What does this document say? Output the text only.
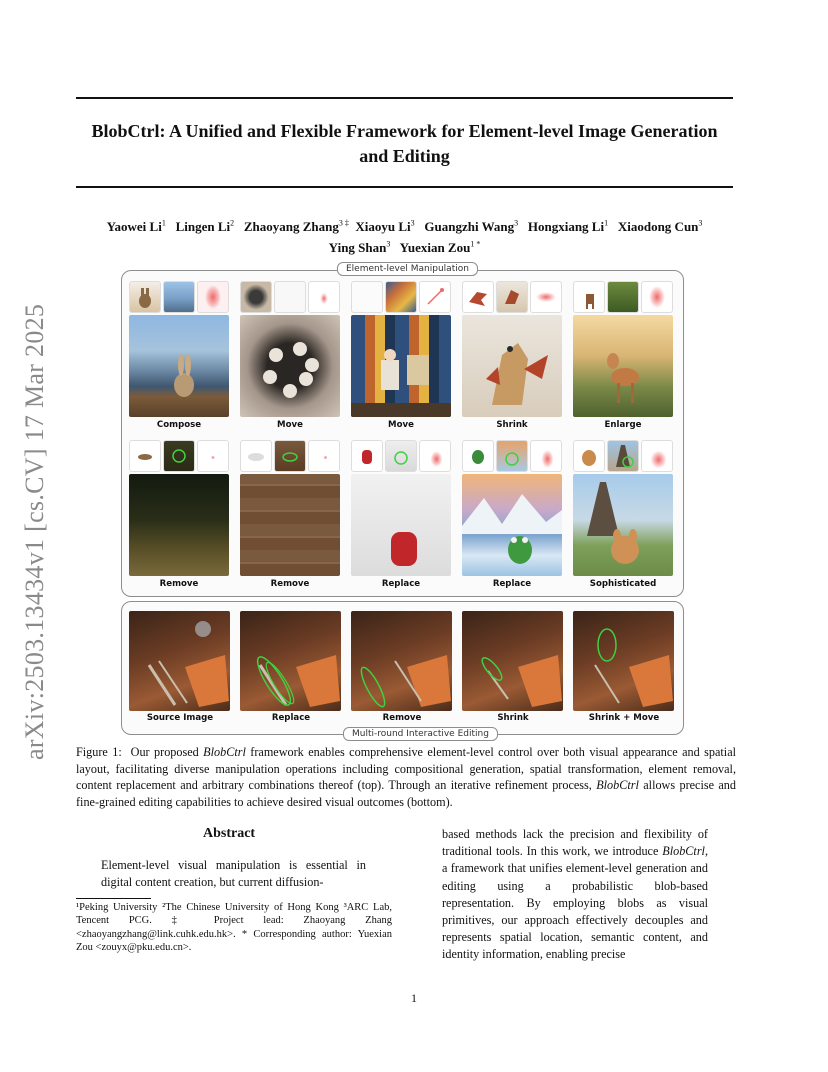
BlobCtrl: A Unified and Flexible Framework for Element-level Image Generation and Editing
Yaowei Li$^1$ Lingen Li$^2$ Zhaoyang Zhang$^{3 \ddagger}$ Xiaoyu Li$^3$ Guangzhi Wang$^3$ Hongxiang Li$^1$ Xiaodong Cun$^3$
Ying Shan$^3$ Yuexian Zou$^{1 *}$
arXiv:2503.13434v1 [cs.CV] 17 Mar 2025
Element-level Manipulation
Multi-round Interactive Editing
Compose	Move	Move	Shrink	Enlarge
Remove	Remove	Replace	Replace	Sophisticated
Source Image	Replace	Remove	Shrink	Shrink + Move
Figure 1: Our proposed BlobCtrl framework enables comprehensive element-level control over both visual appearance and spatial layout, facilitating diverse manipulation operations including compositional generation, spatial transformation, element removal, content replacement and arbitrary combinations thereof (top). Through an iterative refinement process, BlobCtrl allows precise and fine-grained editing capabilities to achieve desired visual outcomes (bottom).
Abstract
Element-level visual manipulation is essential in digital content creation, but current diffusion-
based methods lack the precision and flexibility of traditional tools. In this work, we introduce BlobCtrl, a framework that unifies element-level generation and editing using a probabilistic blob-based representation. By employing blobs as visual primitives, our approach effectively decouples and represents spatial location, semantic content, and identity information, enabling precise
¹Peking University ²The Chinese University of Hong Kong ³ARC Lab, Tencent PCG. ‡ Project lead: Zhaoyang Zhang <zhaoyangzhang@link.cuhk.edu.hk>. * Corresponding author: Yuexian Zou <zouyx@pku.edu.cn>.
1
